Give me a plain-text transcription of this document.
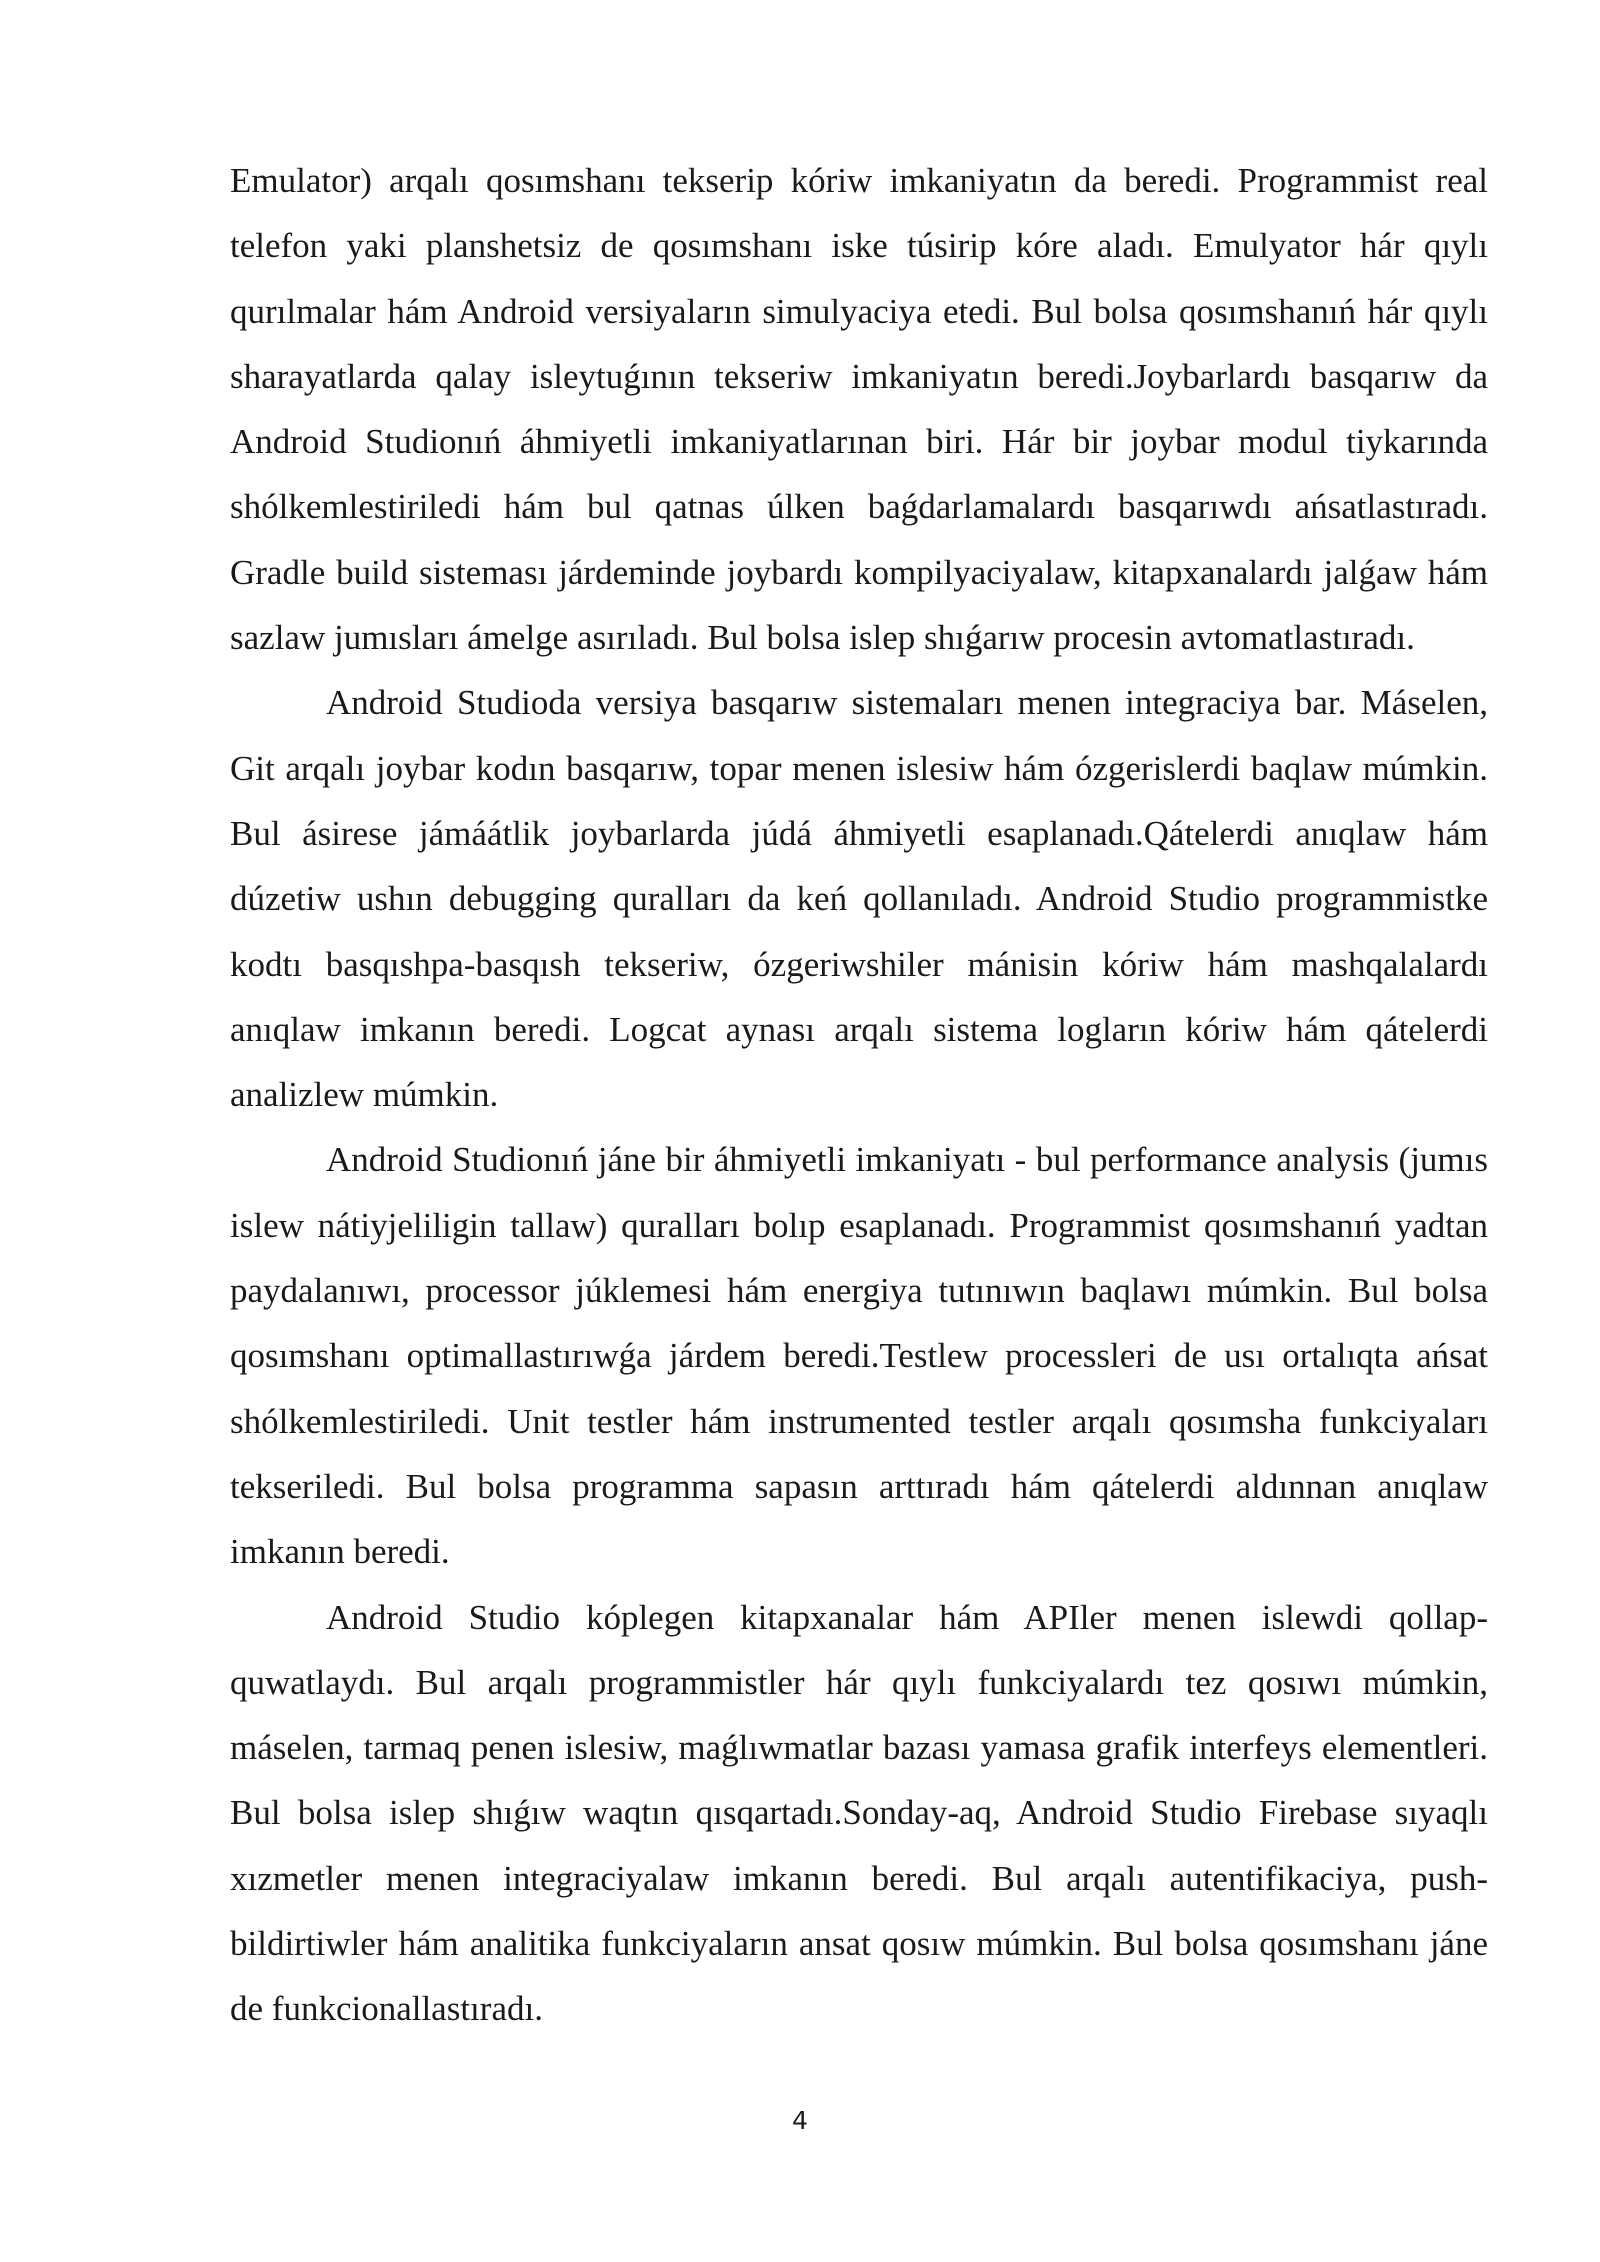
Emulator) arqalı qosımshanı tekserip kóriw imkaniyatın da beredi. Programmist real telefon yaki planshetsiz de qosımshanı iske túsirip kóre aladı. Emulyator hár qıylı qurılmalar hám Android versiyaların simulyaciya etedi. Bul bolsa qosımshanıń hár qıylı sharayatlarda qalay isleytuǵının tekseriw imkaniyatın beredi.Joybarlardı basqarıw da Android Studionıń áhmiyetli imkaniyatlarınan biri. Hár bir joybar modul tiykarında shólkemlestiriledi hám bul qatnas úlken baǵdarlamalardı basqarıwdı ańsatlastıradı. Gradle build sisteması járdeminde joybardı kompilyaciyalaw, kitapxanalardı jalǵaw hám sazlaw jumısları ámelge asırıladı. Bul bolsa islep shıǵarıw procesin avtomatlastıradı.

Android Studioda versiya basqarıw sistemaları menen integraciya bar. Máselen, Git arqalı joybar kodın basqarıw, topar menen islesiw hám ózgerislerdi baqlaw múmkin. Bul ásirese jámáátlik joybarlarda júdá áhmiyetli esaplanadı.Qátelerdi anıqlaw hám dúzetiw ushın debugging quralları da keń qollanıladı. Android Studio programmistke kodtı basqıshpa-basqısh tekseriw, ózgeriwshiler mánisin kóriw hám mashqalalardı anıqlaw imkanın beredi. Logcat aynası arqalı sistema logların kóriw hám qátelerdi analizlew múmkin.

Android Studionıń jáne bir áhmiyetli imkaniyatı - bul performance analysis (jumıs islew nátiyjeliligin tallaw) quralları bolıp esaplanadı. Programmist qosımshanıń yadtan paydalanıwı, processor júklemesi hám energiya tutınıwın baqlawı múmkin. Bul bolsa qosımshanı optimallastırıwǵa járdem beredi.Testlew processleri de usı ortalıqta ańsat shólkemlestiriledi. Unit testler hám instrumented testler arqalı qosımsha funkciyaları tekseriledi. Bul bolsa programma sapasın arttıradı hám qátelerdi aldınnan anıqlaw imkanın beredi.

Android Studio kóplegen kitapxanalar hám APIler menen islewdi qollap-quwatlaydı. Bul arqalı programmistler hár qıylı funkciyalardı tez qosıwı múmkin, máselen, tarmaq penen islesiw, maǵlıwmatlar bazası yamasa grafik interfeys elementleri. Bul bolsa islep shıǵıw waqtın qısqartadı.Sonday-aq, Android Studio Firebase sıyaqlı xızmetler menen integraciyalaw imkanın beredi. Bul arqalı autentifikaciya, push-bildirtiwler hám analitika funkciyaların ansat qosıw múmkin. Bul bolsa qosımshanı jáne de funkcionallastıradı.

4
